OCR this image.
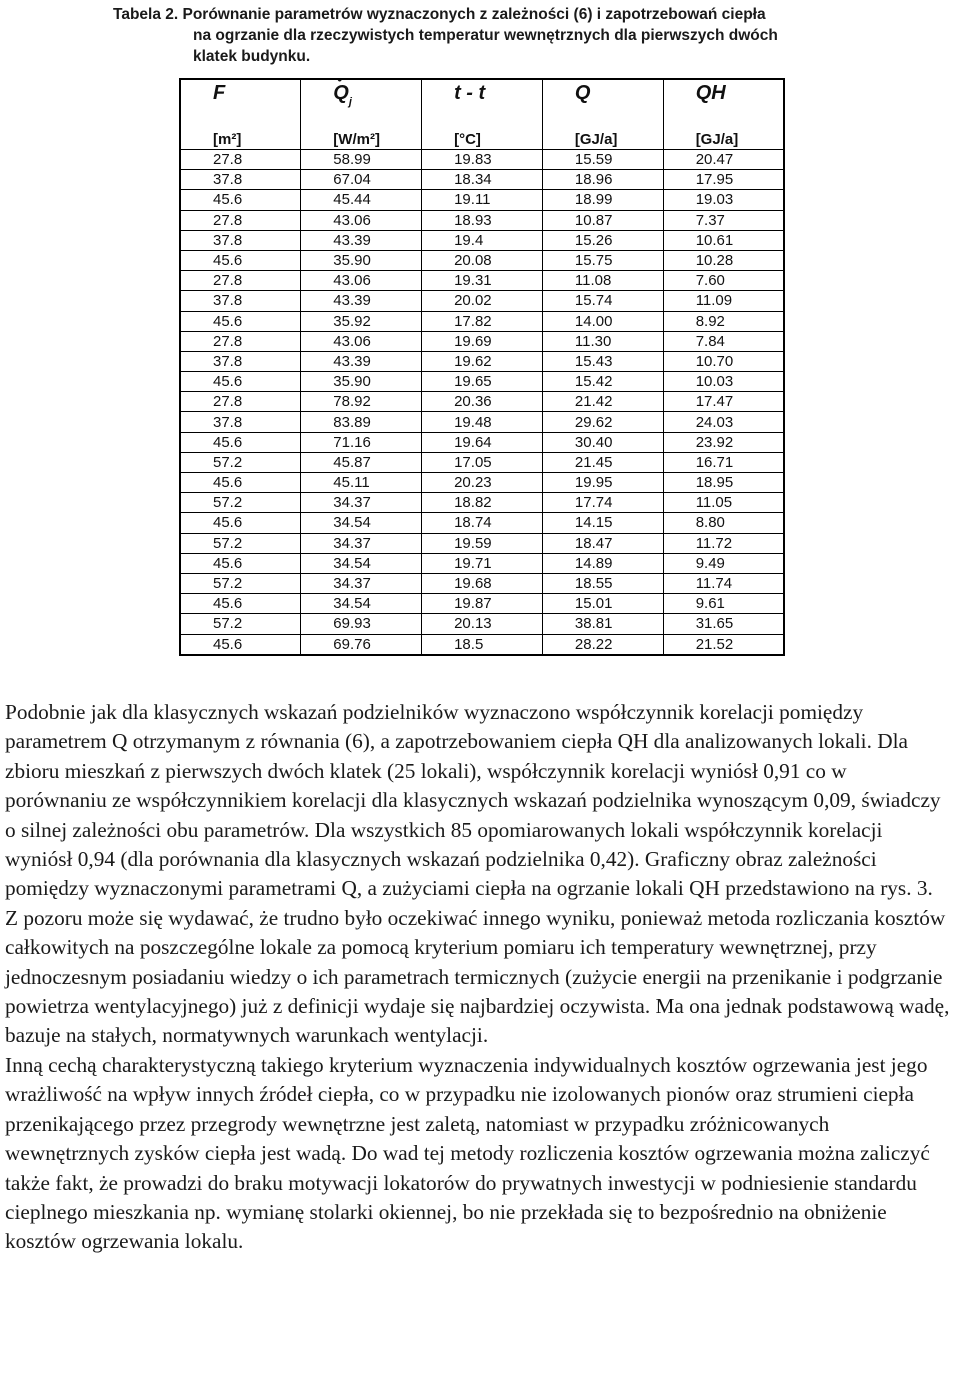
Tabela 2. Porównanie parametrów wyznaczonych z zależności (6) i zapotrzebowań ciepła
na ogrzanie dla rzeczywistych temperatur wewnętrznych dla pierwszych dwóch
klatek budynku.
F	• $Q_j$	t - t	Q	QH
[m²]	[W/m²]	[°C]	[GJ/a]	[GJ/a]
27.8	58.99	19.83	15.59	20.47
37.8	67.04	18.34	18.96	17.95
45.6	45.44	19.11	18.99	19.03
27.8	43.06	18.93	10.87	7.37
37.8	43.39	19.4	15.26	10.61
45.6	35.90	20.08	15.75	10.28
27.8	43.06	19.31	11.08	7.60
37.8	43.39	20.02	15.74	11.09
45.6	35.92	17.82	14.00	8.92
27.8	43.06	19.69	11.30	7.84
37.8	43.39	19.62	15.43	10.70
45.6	35.90	19.65	15.42	10.03
27.8	78.92	20.36	21.42	17.47
37.8	83.89	19.48	29.62	24.03
45.6	71.16	19.64	30.40	23.92
57.2	45.87	17.05	21.45	16.71
45.6	45.11	20.23	19.95	18.95
57.2	34.37	18.82	17.74	11.05
45.6	34.54	18.74	14.15	8.80
57.2	34.37	19.59	18.47	11.72
45.6	34.54	19.71	14.89	9.49
57.2	34.37	19.68	18.55	11.74
45.6	34.54	19.87	15.01	9.61
57.2	69.93	20.13	38.81	31.65
45.6	69.76	18.5	28.22	21.52

Podobnie jak dla klasycznych wskazań podzielników wyznaczono współczynnik korelacji pomiędzy parametrem Q otrzymanym z równania (6), a zapotrzebowaniem ciepła QH dla analizowanych lokali. Dla zbioru mieszkań z pierwszych dwóch klatek (25 lokali), współczynnik korelacji wyniósł 0,91 co w porównaniu ze współczynnikiem korelacji dla klasycznych wskazań podzielnika wynoszącym 0,09, świadczy o silnej zależności obu parametrów. Dla wszystkich 85 opomiarowanych lokali współczynnik korelacji wyniósł 0,94 (dla porównania dla klasycznych wskazań podzielnika 0,42). Graficzny obraz zależności pomiędzy wyznaczonymi parametrami Q, a zużyciami ciepła na ogrzanie lokali QH przedstawiono na rys. 3.

Z pozoru może się wydawać, że trudno było oczekiwać innego wyniku, ponieważ metoda rozliczania kosztów całkowitych na poszczególne lokale za pomocą kryterium pomiaru ich temperatury wewnętrznej, przy jednoczesnym posiadaniu wiedzy o ich parametrach termicznych (zużycie energii na przenikanie i podgrzanie powietrza wentylacyjnego) już z definicji wydaje się najbardziej oczywista. Ma ona jednak podstawową wadę, bazuje na stałych, normatywnych warunkach wentylacji.

Inną cechą charakterystyczną takiego kryterium wyznaczenia indywidualnych kosztów ogrzewania jest jego wrażliwość na wpływ innych źródeł ciepła, co w przypadku nie izolowanych pionów oraz strumieni ciepła przenikającego przez przegrody wewnętrzne jest zaletą, natomiast w przypadku zróżnicowanych wewnętrznych zysków ciepła jest wadą. Do wad tej metody rozliczenia kosztów ogrzewania można zaliczyć także fakt, że prowadzi do braku motywacji lokatorów do prywatnych inwestycji w podniesienie standardu cieplnego mieszkania np. wymianę stolarki okiennej, bo nie przekłada się to bezpośrednio na obniżenie kosztów ogrzewania lokalu.
